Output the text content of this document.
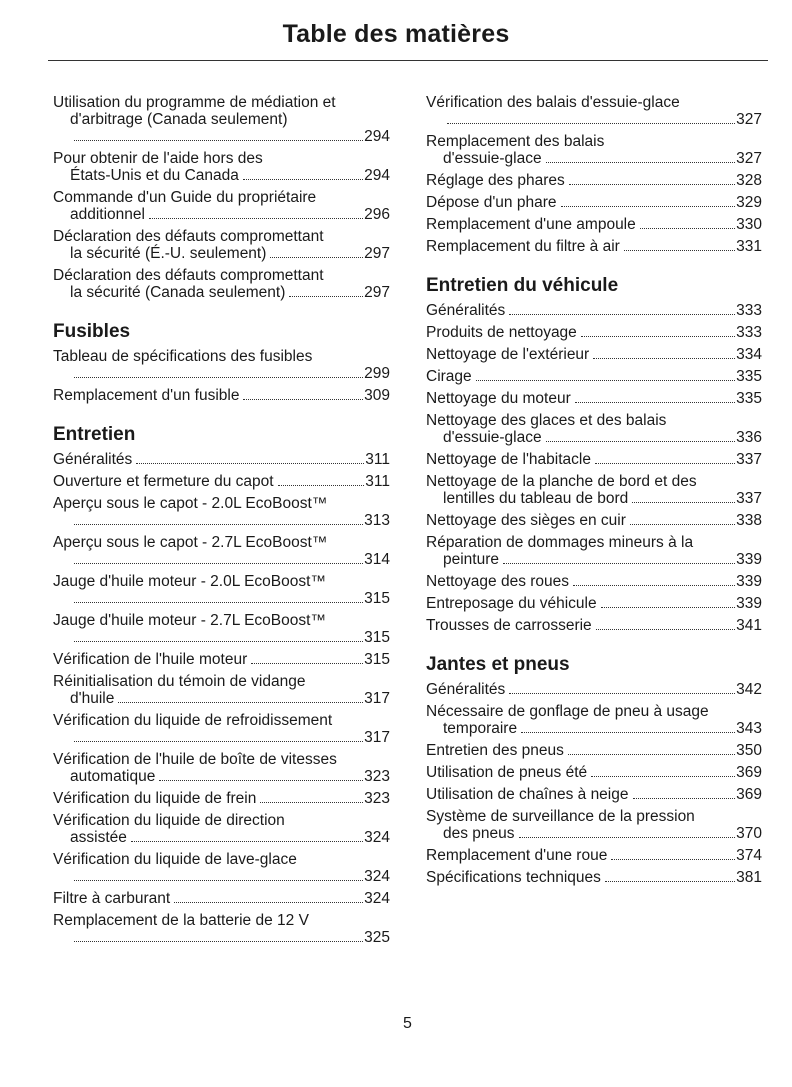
Table des matières
Utilisation du programme de médiation et d'arbitrage (Canada seulement)
294
Pour obtenir de l'aide hors des
États-Unis et du Canada	294
Commande d'un Guide du propriétaire
additionnel	296
Déclaration des défauts compromettant
la sécurité (É.-U. seulement)	297
Déclaration des défauts compromettant
la sécurité (Canada seulement)	297
Fusibles
Tableau de spécifications des fusibles
299
Remplacement d'un fusible	309
Entretien
Généralités	311
Ouverture et fermeture du capot	311
Aperçu sous le capot - 2.0L EcoBoost™
313
Aperçu sous le capot - 2.7L EcoBoost™
314
Jauge d'huile moteur - 2.0L EcoBoost™
315
Jauge d'huile moteur - 2.7L EcoBoost™
315
Vérification de l'huile moteur	315
Réinitialisation du témoin de vidange
d'huile	317
Vérification du liquide de refroidissement
317
Vérification de l'huile de boîte de vitesses
automatique	323
Vérification du liquide de frein	323
Vérification du liquide de direction
assistée	324
Vérification du liquide de lave-glace
324
Filtre à carburant	324
Remplacement de la batterie de 12 V
325
Vérification des balais d'essuie-glace
327
Remplacement des balais
d'essuie-glace	327
Réglage des phares	328
Dépose d'un phare	329
Remplacement d'une ampoule	330
Remplacement du filtre à air	331
Entretien du véhicule
Généralités	333
Produits de nettoyage	333
Nettoyage de l'extérieur	334
Cirage	335
Nettoyage du moteur	335
Nettoyage des glaces et des balais
d'essuie-glace	336
Nettoyage de l'habitacle	337
Nettoyage de la planche de bord et des
lentilles du tableau de bord	337
Nettoyage des sièges en cuir	338
Réparation de dommages mineurs à la
peinture	339
Nettoyage des roues	339
Entreposage du véhicule	339
Trousses de carrosserie	341
Jantes et pneus
Généralités	342
Nécessaire de gonflage de pneu à usage
temporaire	343
Entretien des pneus	350
Utilisation de pneus été	369
Utilisation de chaînes à neige	369
Système de surveillance de la pression
des pneus	370
Remplacement d'une roue	374
Spécifications techniques	381
5
